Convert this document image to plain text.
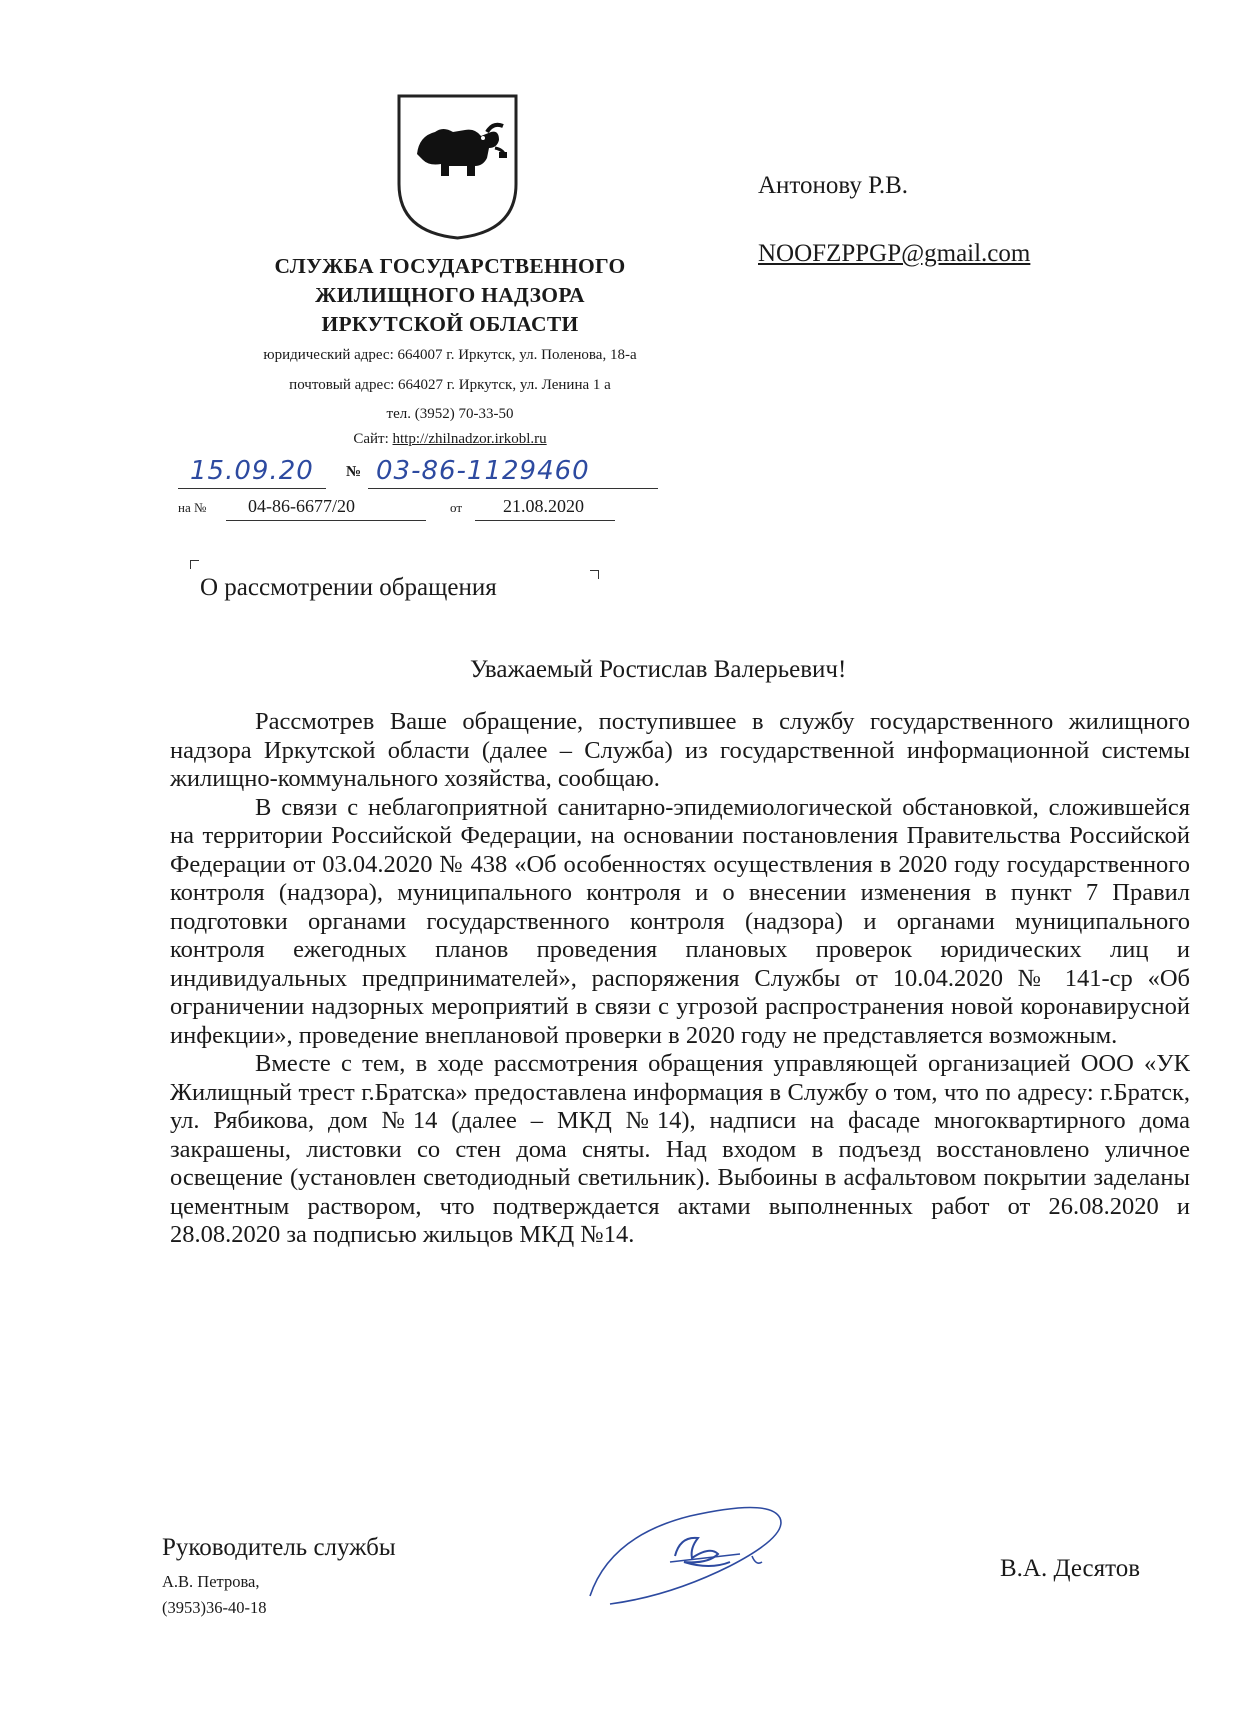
СЛУЖБА ГОСУДАРСТВЕННОГО
ЖИЛИЩНОГО НАДЗОРА
ИРКУТСКОЙ ОБЛАСТИ
юридический адрес: 664007 г. Иркутск, ул. Поленова, 18-а
почтовый адрес: 664027 г. Иркутск, ул. Ленина 1 а
тел. (3952) 70-33-50
Сайт: http://zhilnadzor.irkobl.ru
15.09.20 № 03-86-1129460
на № 04-86-6677/20	от 21.08.2020
Антонову Р.В.
NOOFZPPGP@gmail.com
О рассмотрении обращения
Уважаемый Ростислав Валерьевич!

Рассмотрев Ваше обращение, поступившее в службу государственного жилищного надзора Иркутской области (далее – Служба) из государственной информационной системы жилищно-коммунального хозяйства, сообщаю.

В связи с неблагоприятной санитарно-эпидемиологической обстановкой, сложившейся на территории Российской Федерации, на основании постановления Правительства Российской Федерации от 03.04.2020 № 438 «Об особенностях осуществления в 2020 году государственного контроля (надзора), муниципального контроля и о внесении изменения в пункт 7 Правил подготовки органами государственного контроля (надзора) и органами муниципального контроля ежегодных планов проведения плановых проверок юридических лиц и индивидуальных предпринимателей», распоряжения Службы от 10.04.2020 № 141-ср «Об ограничении надзорных мероприятий в связи с угрозой распространения новой коронавирусной инфекции», проведение внеплановой проверки в 2020 году не представляется возможным.

Вместе с тем, в ходе рассмотрения обращения управляющей организацией ООО «УК Жилищный трест г.Братска» предоставлена информация в Службу о том, что по адресу: г.Братск, ул. Рябикова, дом №14 (далее – МКД №14), надписи на фасаде многоквартирного дома закрашены, листовки со стен дома сняты. Над входом в подъезд восстановлено уличное освещение (установлен светодиодный светильник). Выбоины в асфальтовом покрытии заделаны цементным раствором, что подтверждается актами выполненных работ от 26.08.2020 и 28.08.2020 за подписью жильцов МКД №14.

Руководитель службы
В.А. Десятов
А.В. Петрова,
(3953)36-40-18
